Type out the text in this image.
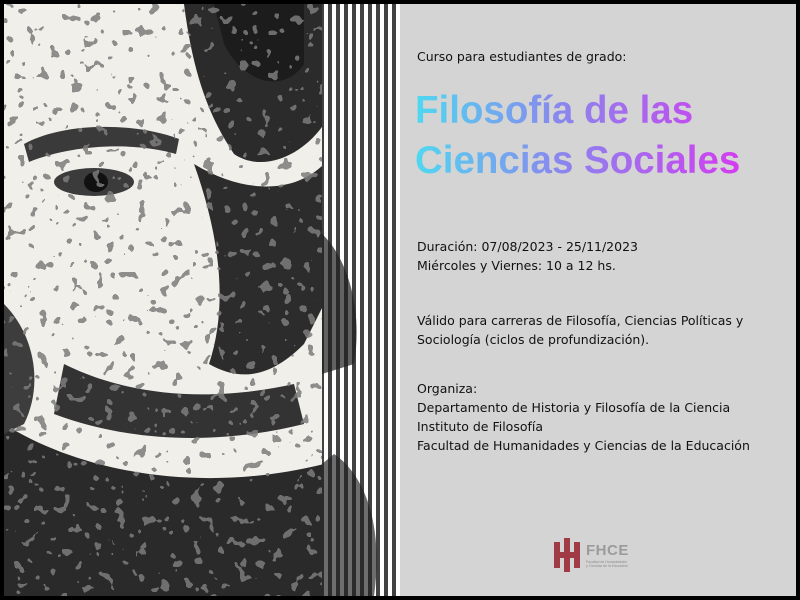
Curso para estudiantes de grado:
Filosofía de las
Ciencias Sociales
Duración: 07/08/2023 - 25/11/2023
Miércoles y Viernes: 10 a 12 hs.
Válido para carreras de Filosofía, Ciencias Políticas y
Sociología (ciclos de profundización).
Organiza:
Departamento de Historia y Filosofía de la Ciencia
Instituto de Filosofía
Facultad de Humanidades y Ciencias de la Educación
FHCE
Facultad de Humanidades
y Ciencias de la Educación
